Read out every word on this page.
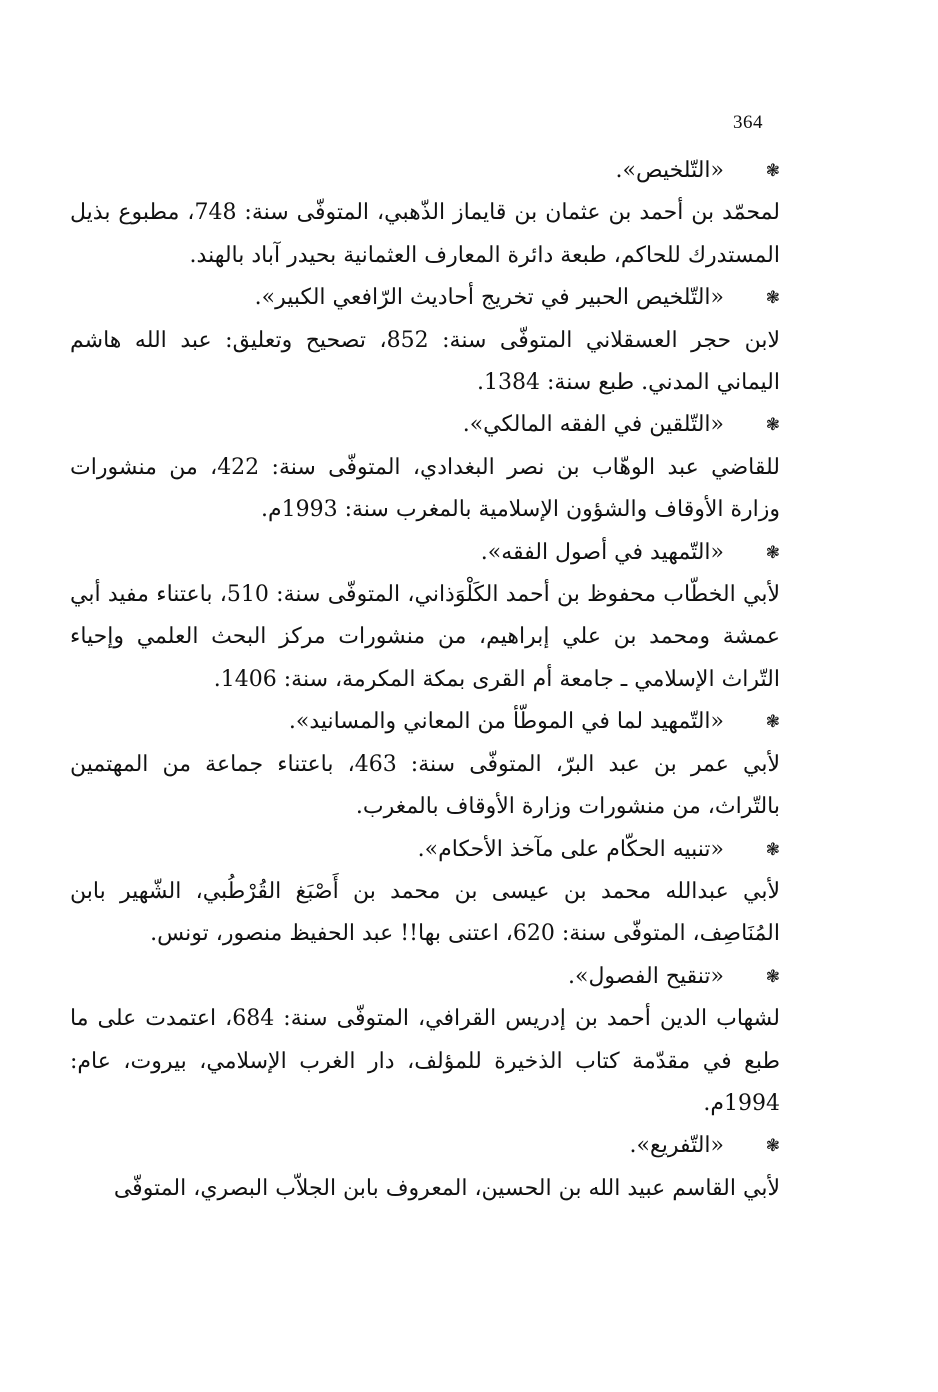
364
❃
«التّلخيص».
لمحمّد بن أحمد بن عثمان بن قايماز الذّهبي، المتوفّى سنة: 748، مطبوع بذيل المستدرك للحاكم، طبعة دائرة المعارف العثمانية بحيدر آباد بالهند.
❃
«التّلخيص الحبير في تخريج أحاديث الرّافعي الكبير».
لابن حجر العسقلاني المتوفّى سنة: 852، تصحيح وتعليق: عبد الله هاشم اليماني المدني. طبع سنة: 1384.
❃
«التّلقين في الفقه المالكي».
للقاضي عبد الوهّاب بن نصر البغدادي، المتوفّى سنة: 422، من منشورات وزارة الأوقاف والشؤون الإسلامية بالمغرب سنة: 1993م.
❃
«التّمهيد في أصول الفقه».
لأبي الخطّاب محفوظ بن أحمد الكَلْوَذاني، المتوفّى سنة: 510، باعتناء مفيد أبي عمشة ومحمد بن علي إبراهيم، من منشورات مركز البحث العلمي وإحياء التّراث الإسلامي ـ جامعة أم القرى بمكة المكرمة، سنة: 1406.
❃
«التّمهيد لما في الموطّأ من المعاني والمسانيد».
لأبي عمر بن عبد البرّ، المتوفّى سنة: 463، باعتناء جماعة من المهتمين بالتّراث، من منشورات وزارة الأوقاف بالمغرب.
❃
«تنبيه الحكّام على مآخذ الأحكام».
لأبي عبدالله محمد بن عيسى بن محمد بن أَصْبَغ القُرْطُبي، الشّهير بابن المُنَاصِف، المتوفّى سنة: 620، اعتنى بها!! عبد الحفيظ منصور، تونس.
❃
«تنقيح الفصول».
لشهاب الدين أحمد بن إدريس القرافي، المتوفّى سنة: 684، اعتمدت على ما طبع في مقدّمة كتاب الذخيرة للمؤلف، دار الغرب الإسلامي، بيروت، عام: 1994م.
❃
«التّفريع».
لأبي القاسم عبيد الله بن الحسين، المعروف بابن الجلاّب البصري، المتوفّى
